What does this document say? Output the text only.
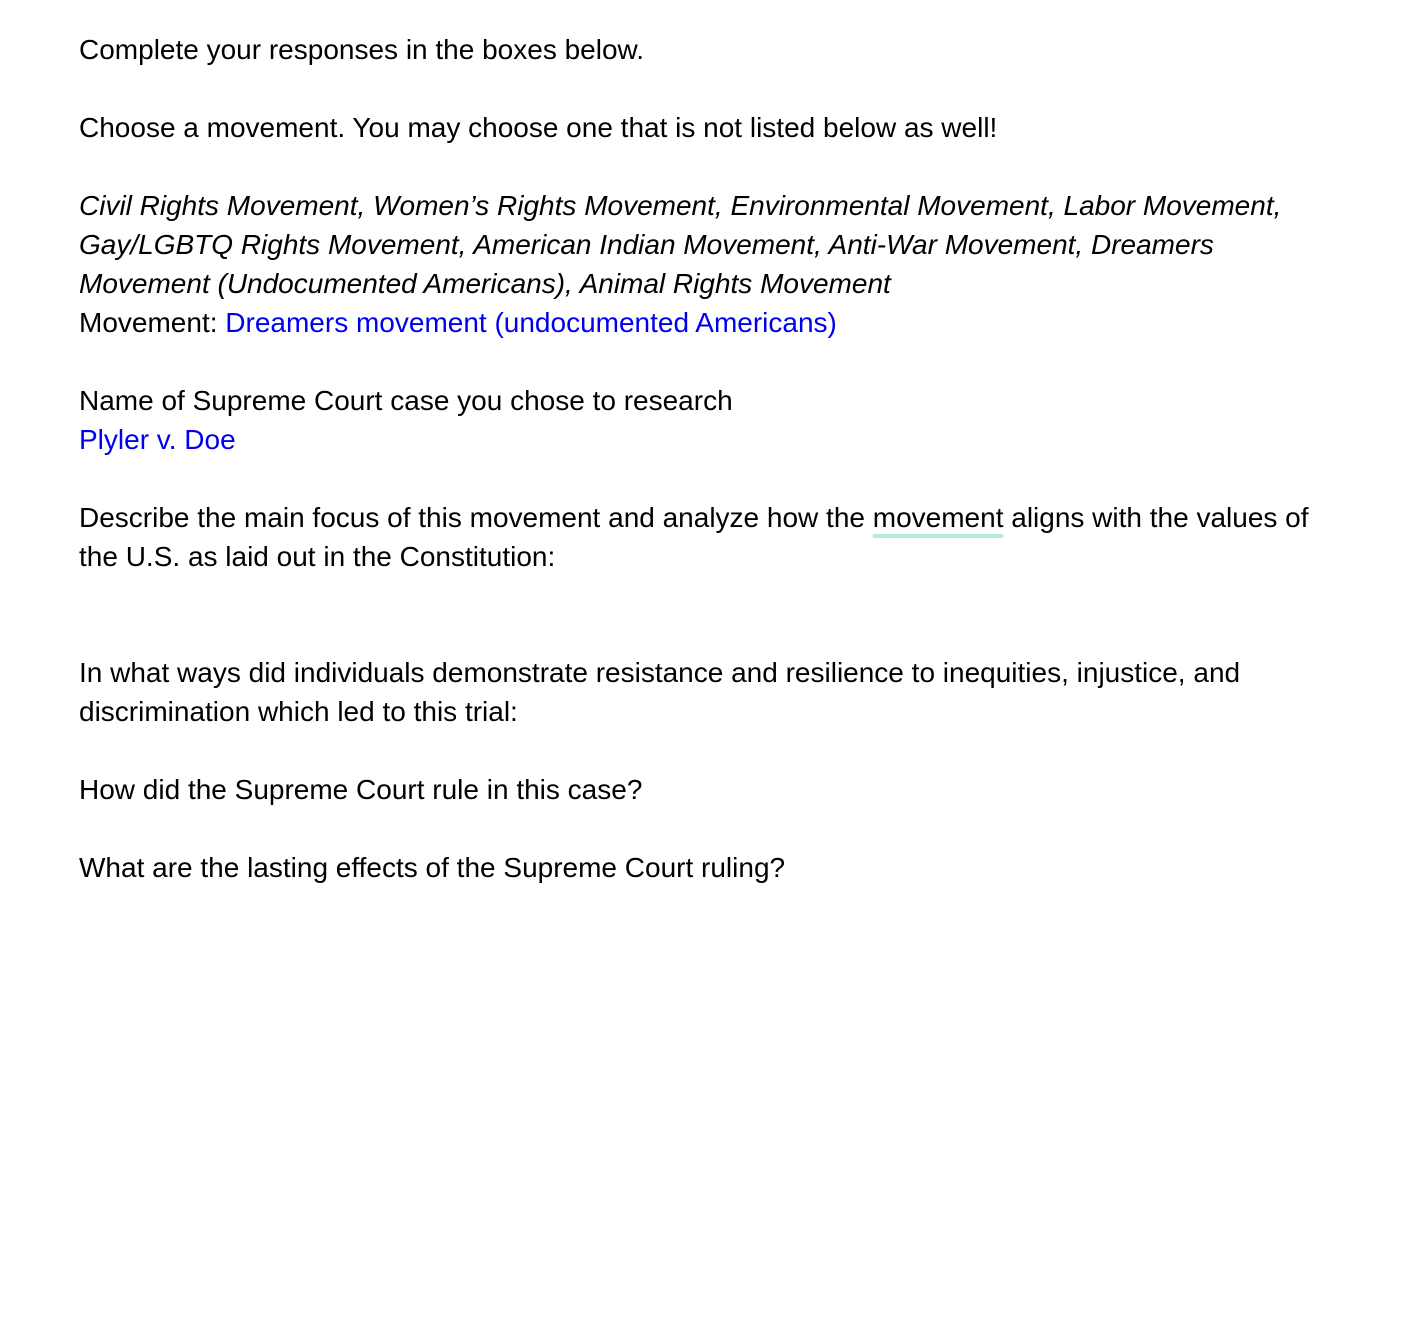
Complete your responses in the boxes below.

Choose a movement. You may choose one that is not listed below as well!

Civil Rights Movement, Women’s Rights Movement, Environmental Movement, Labor Movement, Gay/LGBTQ Rights Movement, American Indian Movement, Anti-War Movement, Dreamers Movement (Undocumented Americans), Animal Rights Movement

Movement: Dreamers movement (undocumented Americans)

Name of Supreme Court case you chose to research

Plyler v. Doe

Describe the main focus of this movement and analyze how the movement aligns with the values of the U.S. as laid out in the Constitution:

In what ways did individuals demonstrate resistance and resilience to inequities, injustice, and discrimination which led to this trial:

How did the Supreme Court rule in this case?

What are the lasting effects of the Supreme Court ruling?
